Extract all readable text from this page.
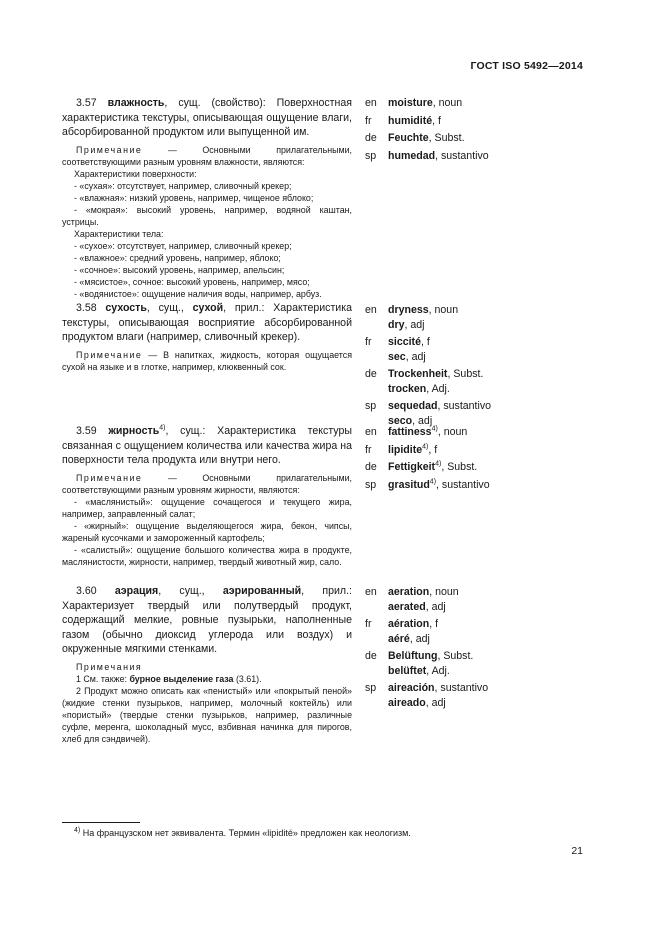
ГОСТ ISO 5492—2014

3.57 влажность, сущ. (свойство): Поверхностная характеристика текстуры, описывающая ощущение влаги, абсорбированной продуктом или выпущенной им.

Примечание	— Основными прилагательными, соответствующими разным уровням влажности, являются:

Характеристики поверхности:

- «сухая»: отсутствует, например, сливочный крекер;

- «влажная»: низкий уровень, например, чищеное яблоко;

- «мокрая»: высокий уровень, например, водяной каштан, устрицы.

Характеристики тела:

- «сухое»: отсутствует, например, сливочный крекер;

- «влажное»: средний уровень, например, яблоко;

- «сочное»: высокий уровень, например, апельсин;

- «мясистое», сочное: высокий уровень, например, мясо;

- «водянистое»: ощущение наличия воды, например, арбуз.

en	moisture, noun
fr	humidité, f
de	Feuchte, Subst.
sp	humedad, sustantivo

3.58 сухость, сущ., сухой, прил.: Характеристика текстуры, описывающая восприятие абсорбированной продуктом влаги (например, сливочный крекер).

Примечание — В напитках, жидкость, которая ощущается сухой на языке и в глотке, например, клюквенный сок.

en	dryness, noun
dry, adj
fr	siccité, f
sec, adj
de	Trockenheit, Subst.
trocken, Adj.
sp	sequedad, sustantivo
seco, adj

3.59 жирность$^{4)}$, сущ.: Характеристика текстуры связанная с ощущением количества или качества жира на поверхности тела продукта или внутри него.

Примечание	— Основными прилагательными, соответствующими разным уровням жирности, являются:

- «маслянистый»: ощущение сочащегося и текущего жира, например, заправленный салат;

- «жирный»: ощущение выделяющегося жира, бекон, чипсы, жареный кусочками и замороженный картофель;

- «салистый»: ощущение большого количества жира в продукте, маслянистости, жирности, например, твердый животный жир, сало.

en	fattiness$^{4)}$, noun
fr	lipidite$^{4)}$, f
de	Fettigkeit$^{4)}$, Subst.
sp	grasitud$^{4)}$, sustantivo

3.60 аэрация, сущ., аэрированный, прил.: Характеризует твердый или полутвердый продукт, содержащий мелкие, ровные пузырьки, наполненные газом (обычно диоксид углерода или воздух) и окруженные мягкими стенками.

Примечания

1 См. также: бурное выделение газа (3.61).

2 Продукт можно описать как «пенистый» или «покрытый пеной» (жидкие стенки пузырьков, например, молочный коктейль) или «пористый» (твердые стенки пузырьков, например, различные суфле, меренга, шоколадный мусс, взбивная начинка для пирогов, хлеб для сэндвичей).

en	aeration, noun
aerated, adj
fr	aération, f
aéré, adj
de	Belüftung, Subst.
belüftet, Adj.
sp	aireación, sustantivo
aireado, adj
$^{4)}$ На французском нет эквивалента. Термин «lipidité» предложен как неологизм.
21
